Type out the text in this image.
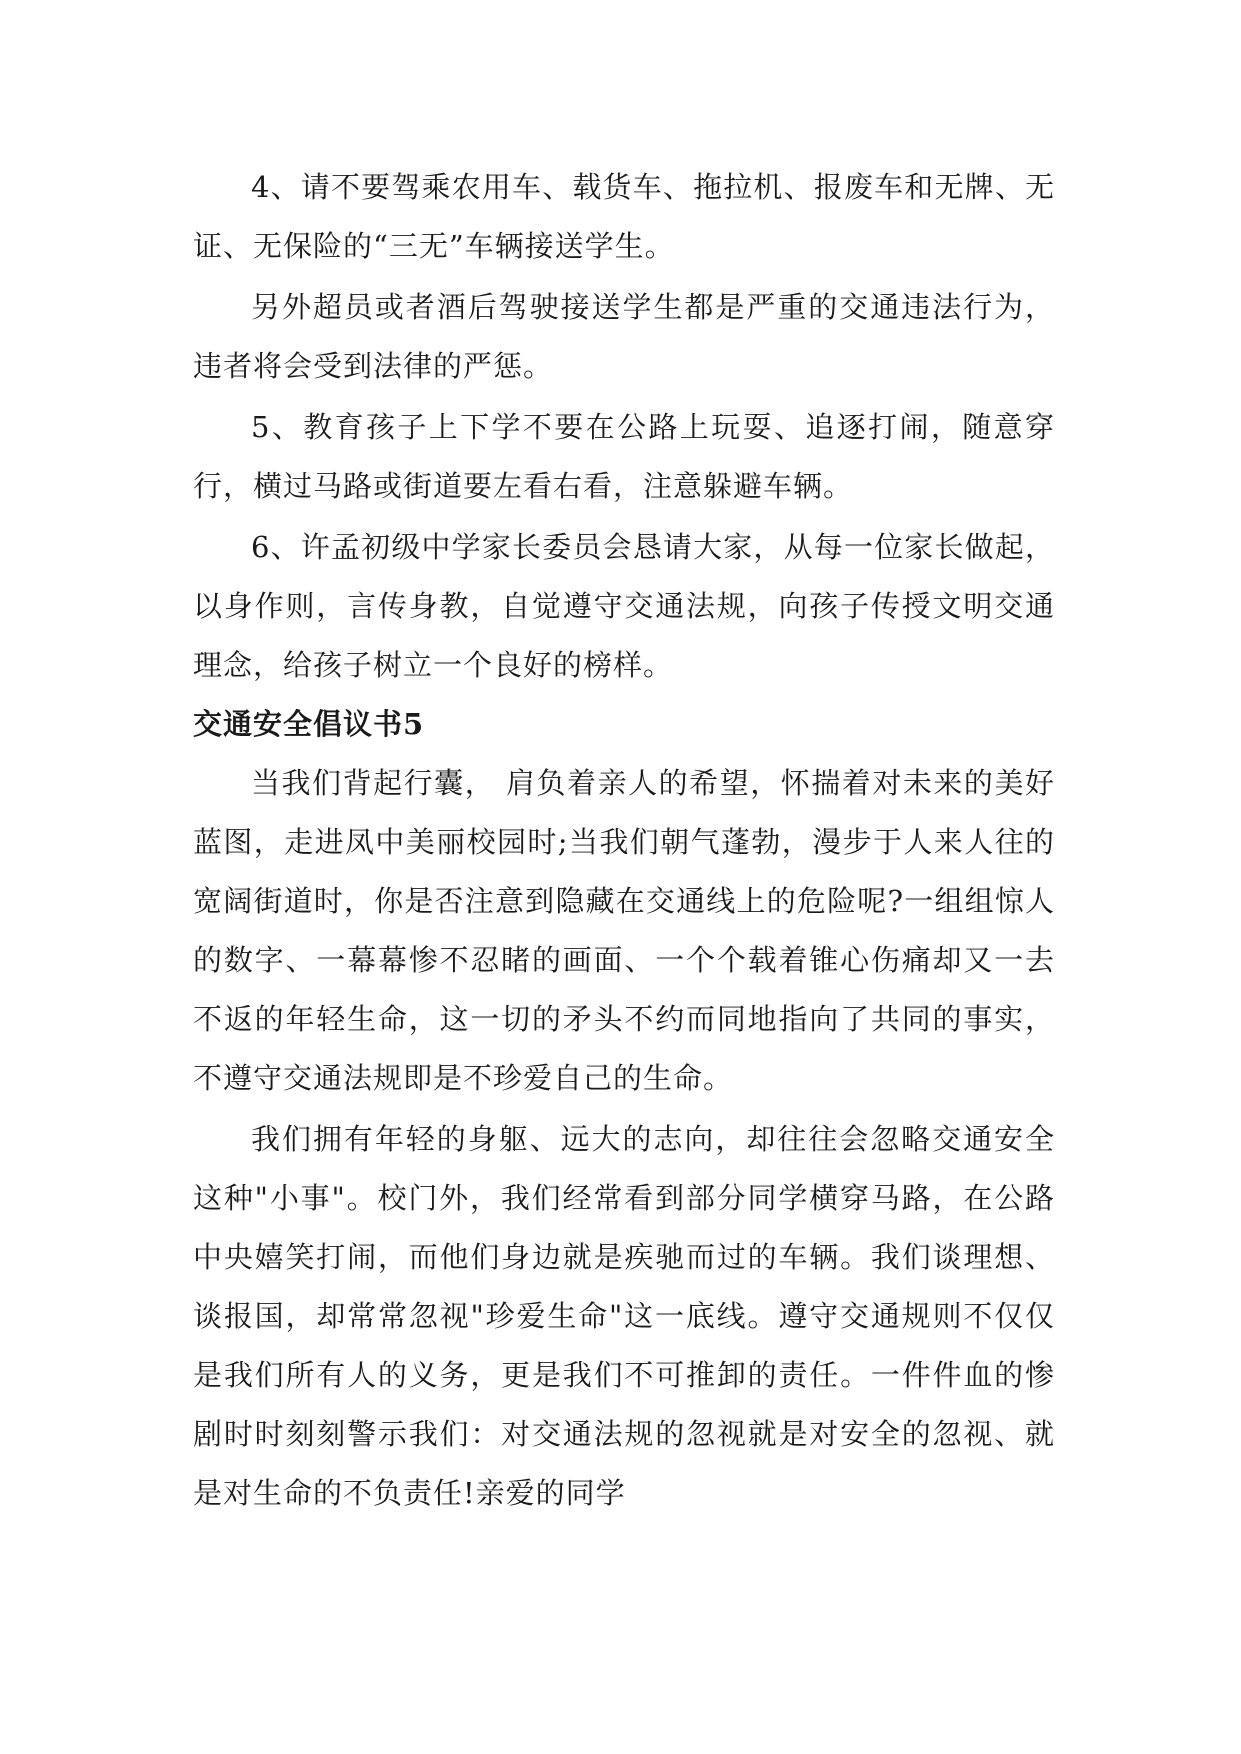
4、请不要驾乘农用车、载货车、拖拉机、报废车和无牌、无证、无保险的“三无”车辆接送学生。

另外超员或者酒后驾驶接送学生都是严重的交通违法行为，违者将会受到法律的严惩。

5、教育孩子上下学不要在公路上玩耍、追逐打闹，随意穿行，横过马路或街道要左看右看，注意躲避车辆。

6、许孟初级中学家长委员会恳请大家，从每一位家长做起，以身作则，言传身教，自觉遵守交通法规，向孩子传授文明交通理念，给孩子树立一个良好的榜样。

交通安全倡议书5

当我们背起行囊， 肩负着亲人的希望，怀揣着对未来的美好蓝图，走进凤中美丽校园时;当我们朝气蓬勃，漫步于人来人往的宽阔街道时，你是否注意到隐藏在交通线上的危险呢?一组组惊人的数字、一幕幕惨不忍睹的画面、一个个载着锥心伤痛却又一去不返的年轻生命，这一切的矛头不约而同地指向了共同的事实，不遵守交通法规即是不珍爱自己的生命。

我们拥有年轻的身躯、远大的志向，却往往会忽略交通安全这种"小事"。校门外，我们经常看到部分同学横穿马路，在公路中央嬉笑打闹，而他们身边就是疾驰而过的车辆。我们谈理想、谈报国，却常常忽视"珍爱生命"这一底线。遵守交通规则不仅仅是我们所有人的义务，更是我们不可推卸的责任。一件件血的惨剧时时刻刻警示我们：对交通法规的忽视就是对安全的忽视、就是对生命的不负责任!亲爱的同学
